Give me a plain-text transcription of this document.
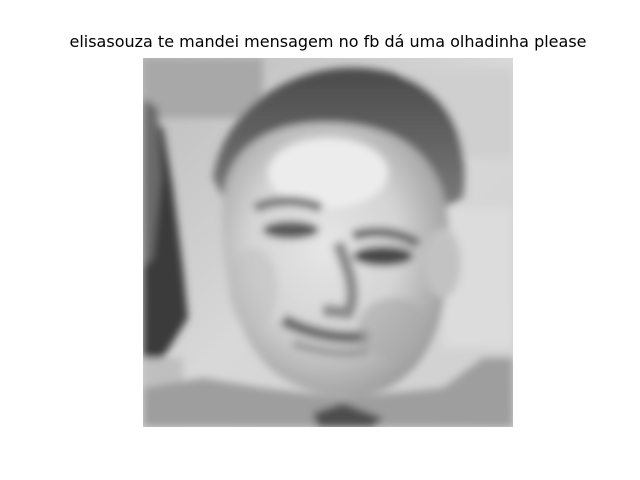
elisasouza te mandei mensagem no fb dá uma olhadinha please
